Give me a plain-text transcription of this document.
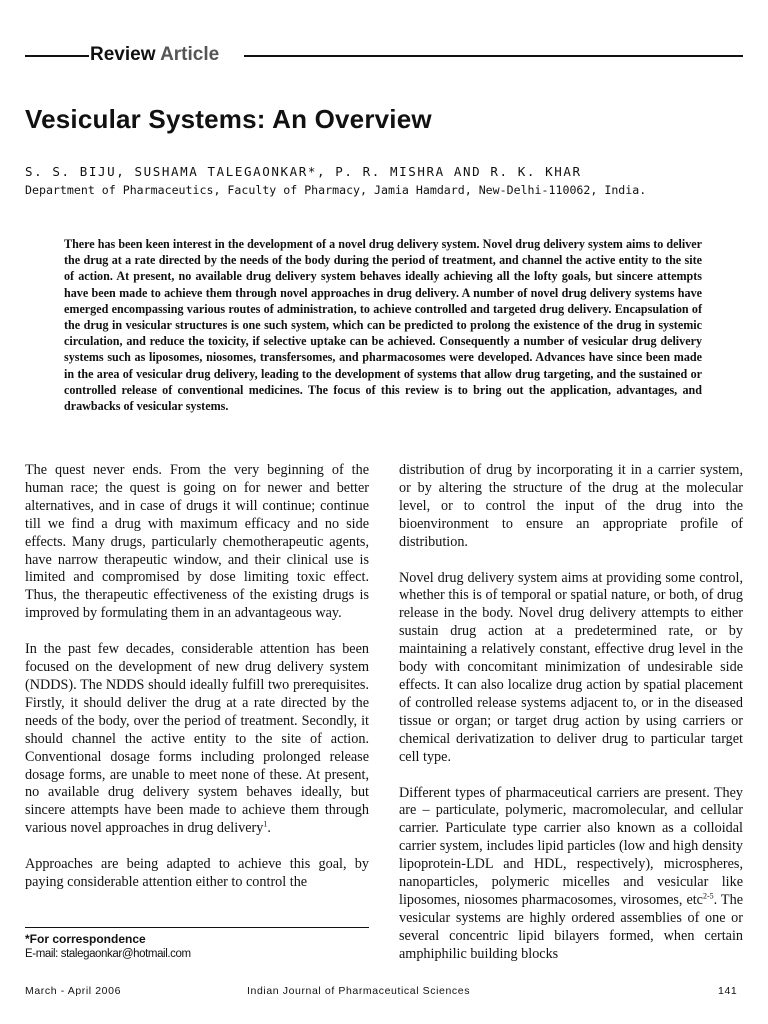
Review Article
Vesicular Systems: An Overview
S. S. BIJU, SUSHAMA TALEGAONKAR*, P. R. MISHRA AND R. K. KHAR
Department of Pharmaceutics, Faculty of Pharmacy, Jamia Hamdard, New-Delhi-110062, India.
There has been keen interest in the development of a novel drug delivery system. Novel drug delivery system aims to deliver the drug at a rate directed by the needs of the body during the period of treatment, and channel the active entity to the site of action. At present, no available drug delivery system behaves ideally achieving all the lofty goals, but sincere attempts have been made to achieve them through novel approaches in drug delivery. A number of novel drug delivery systems have emerged encompassing various routes of administration, to achieve controlled and targeted drug delivery. Encapsulation of the drug in vesicular structures is one such system, which can be predicted to prolong the existence of the drug in systemic circulation, and reduce the toxicity, if selective uptake can be achieved. Consequently a number of vesicular drug delivery systems such as liposomes, niosomes, transfersomes, and pharmacosomes were developed. Advances have since been made in the area of vesicular drug delivery, leading to the development of systems that allow drug targeting, and the sustained or controlled release of conventional medicines. The focus of this review is to bring out the application, advantages, and drawbacks of vesicular systems.

The quest never ends. From the very beginning of the human race; the quest is going on for newer and better alternatives, and in case of drugs it will continue; continue till we find a drug with maximum efficacy and no side effects. Many drugs, particularly chemotherapeutic agents, have narrow therapeutic window, and their clinical use is limited and compromised by dose limiting toxic effect. Thus, the therapeutic effectiveness of the existing drugs is improved by formulating them in an advantageous way.

In the past few decades, considerable attention has been focused on the development of new drug delivery system (NDDS). The NDDS should ideally fulfill two prerequisites. Firstly, it should deliver the drug at a rate directed by the needs of the body, over the period of treatment. Secondly, it should channel the active entity to the site of action. Conventional dosage forms including prolonged release dosage forms, are unable to meet none of these. At present, no available drug delivery system behaves ideally, but sincere attempts have been made to achieve them through various novel approaches in drug delivery$^1$.

Approaches are being adapted to achieve this goal, by paying considerable attention either to control the

*For correspondence
E-mail: stalegaonkar@hotmail.com

distribution of drug by incorporating it in a carrier system, or by altering the structure of the drug at the molecular level, or to control the input of the drug into the bioenvironment to ensure an appropriate profile of distribution.

Novel drug delivery system aims at providing some control, whether this is of temporal or spatial nature, or both, of drug release in the body. Novel drug delivery attempts to either sustain drug action at a predetermined rate, or by maintaining a relatively constant, effective drug level in the body with concomitant minimization of undesirable side effects. It can also localize drug action by spatial placement of controlled release systems adjacent to, or in the diseased tissue or organ; or target drug action by using carriers or chemical derivatization to deliver drug to particular target cell type.

Different types of pharmaceutical carriers are present. They are – particulate, polymeric, macromolecular, and cellular carrier. Particulate type carrier also known as a colloidal carrier system, includes lipid particles (low and high density lipoprotein-LDL and HDL, respectively), microspheres, nanoparticles, polymeric micelles and vesicular like liposomes, niosomes pharmacosomes, virosomes, etc$^{2-5}$. The vesicular systems are highly ordered assemblies of one or several concentric lipid bilayers formed, when certain amphiphilic building blocks

March - April 2006	Indian Journal of Pharmaceutical Sciences	141
